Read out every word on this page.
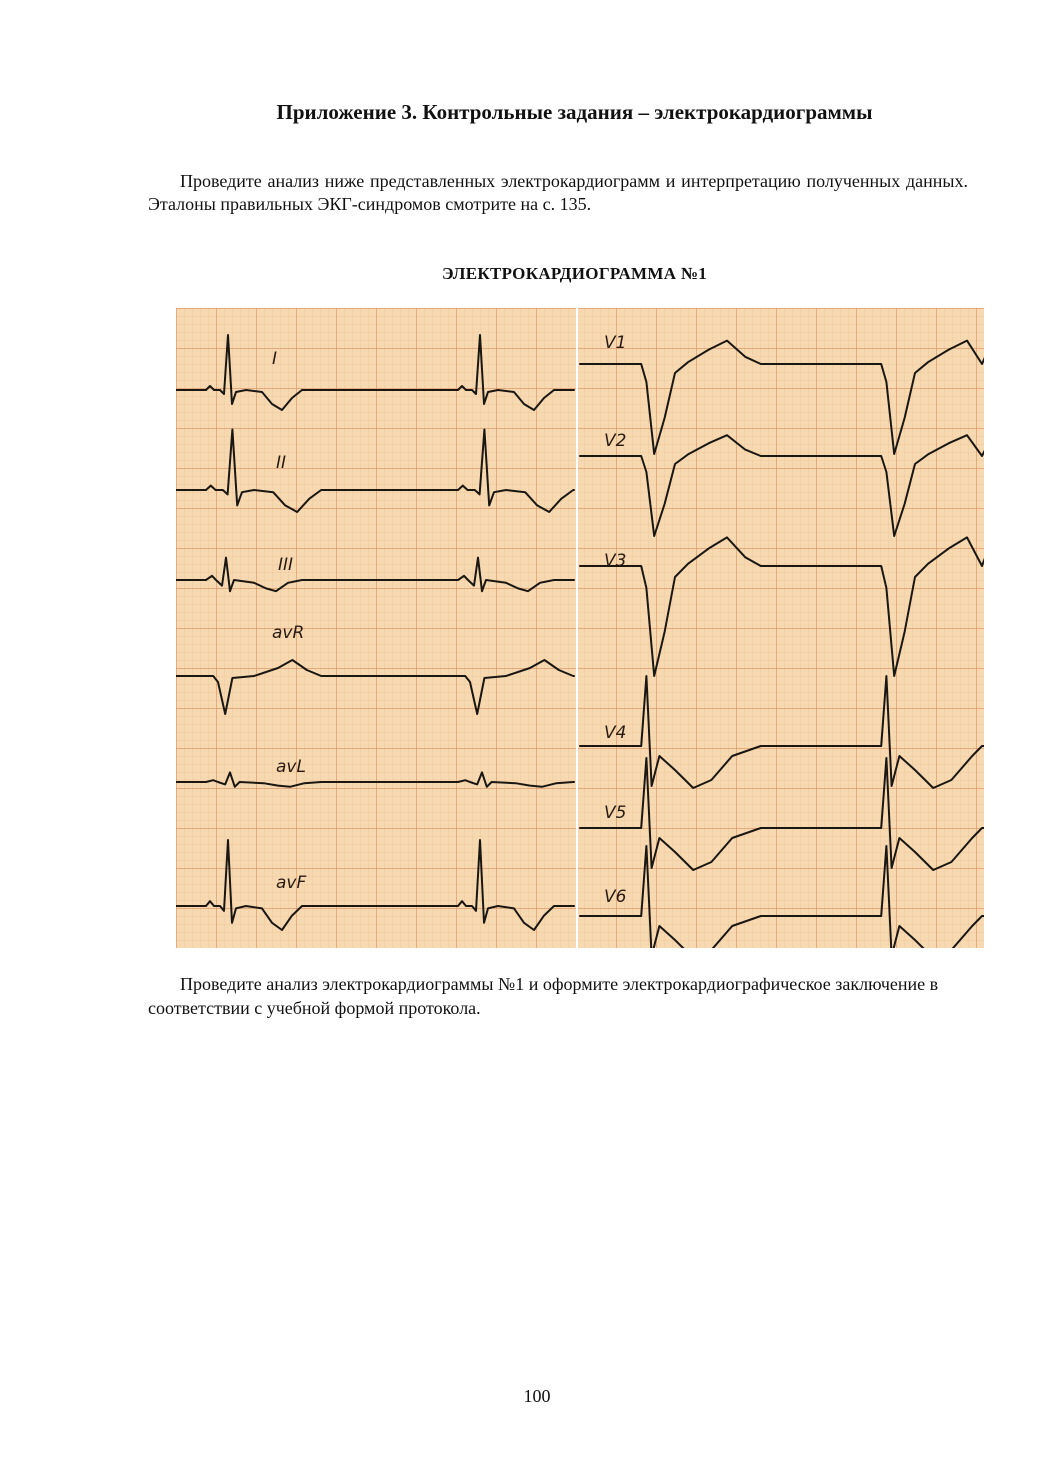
Приложение 3. Контрольные задания – электрокардиограммы

Проведите анализ ниже представленных электрокардиограмм и интерпретацию полученных данных. Эталоны правильных ЭКГ-синдромов смотрите на с. 135.

ЭЛЕКТРОКАРДИОГРАММА №1
I
II
III
avR
avL
avF
V1
V2
V3
V4
V5
V6

Проведите анализ электрокардиограммы №1 и оформите электрокардиографическое заключение в соответствии с учебной формой протокола.

100
